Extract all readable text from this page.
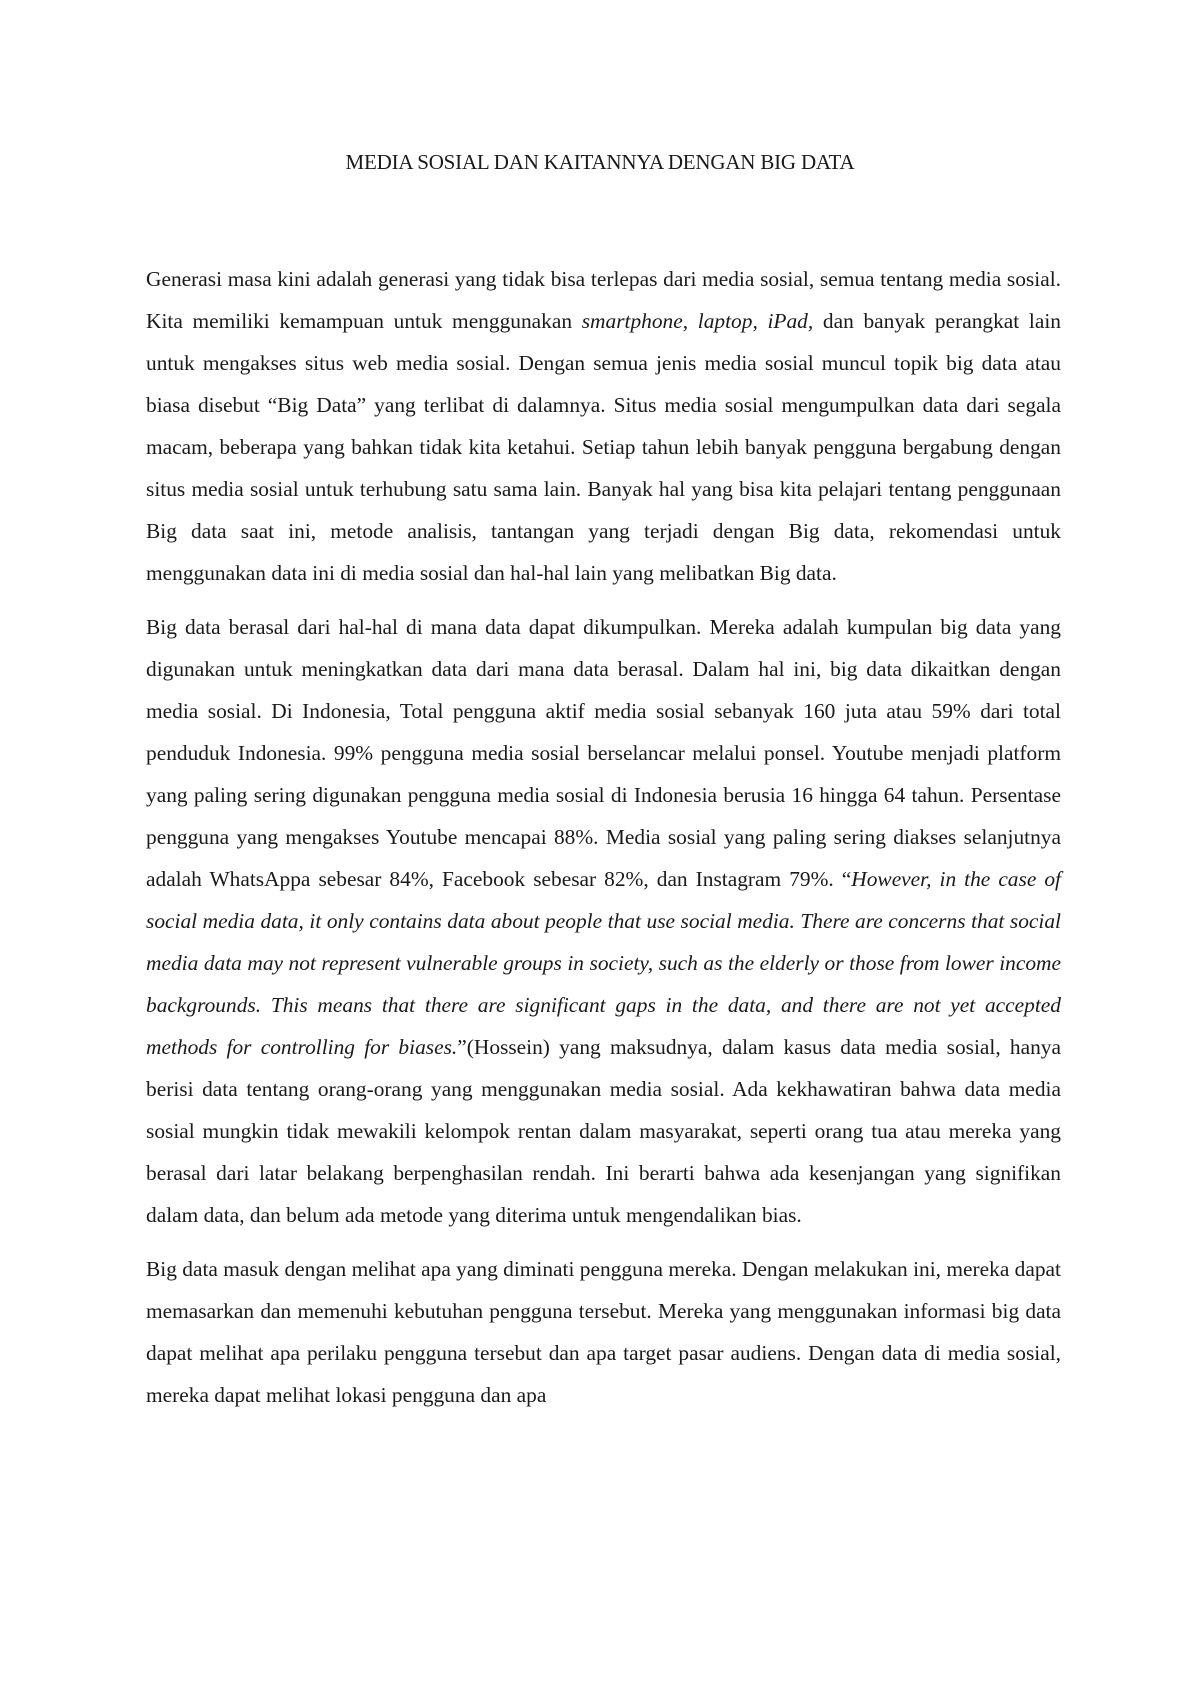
MEDIA SOSIAL DAN KAITANNYA DENGAN BIG DATA

Generasi masa kini adalah generasi yang tidak bisa terlepas dari media sosial, semua tentang media sosial. Kita memiliki kemampuan untuk menggunakan smartphone, laptop, iPad, dan banyak perangkat lain untuk mengakses situs web media sosial. Dengan semua jenis media sosial muncul topik big data atau biasa disebut “Big Data” yang terlibat di dalamnya. Situs media sosial mengumpulkan data dari segala macam, beberapa yang bahkan tidak kita ketahui. Setiap tahun lebih banyak pengguna bergabung dengan situs media sosial untuk terhubung satu sama lain. Banyak hal yang bisa kita pelajari tentang penggunaan Big data saat ini, metode analisis, tantangan yang terjadi dengan Big data, rekomendasi untuk menggunakan data ini di media sosial dan hal-hal lain yang melibatkan Big data.

Big data berasal dari hal-hal di mana data dapat dikumpulkan. Mereka adalah kumpulan big data yang digunakan untuk meningkatkan data dari mana data berasal. Dalam hal ini, big data dikaitkan dengan media sosial. Di Indonesia, Total pengguna aktif media sosial sebanyak 160 juta atau 59% dari total penduduk Indonesia. 99% pengguna media sosial berselancar melalui ponsel. Youtube menjadi platform yang paling sering digunakan pengguna media sosial di Indonesia berusia 16 hingga 64 tahun. Persentase pengguna yang mengakses Youtube mencapai 88%. Media sosial yang paling sering diakses selanjutnya adalah WhatsAppa sebesar 84%, Facebook sebesar 82%, dan Instagram 79%. “However, in the case of social media data, it only contains data about people that use social media. There are concerns that social media data may not represent vulnerable groups in society, such as the elderly or those from lower income backgrounds. This means that there are significant gaps in the data, and there are not yet accepted methods for controlling for biases.”(Hossein) yang maksudnya, dalam kasus data media sosial, hanya berisi data tentang orang-orang yang menggunakan media sosial. Ada kekhawatiran bahwa data media sosial mungkin tidak mewakili kelompok rentan dalam masyarakat, seperti orang tua atau mereka yang berasal dari latar belakang berpenghasilan rendah. Ini berarti bahwa ada kesenjangan yang signifikan dalam data, dan belum ada metode yang diterima untuk mengendalikan bias.

Big data masuk dengan melihat apa yang diminati pengguna mereka. Dengan melakukan ini, mereka dapat memasarkan dan memenuhi kebutuhan pengguna tersebut. Mereka yang menggunakan informasi big data dapat melihat apa perilaku pengguna tersebut dan apa target pasar audiens. Dengan data di media sosial, mereka dapat melihat lokasi pengguna dan apa
